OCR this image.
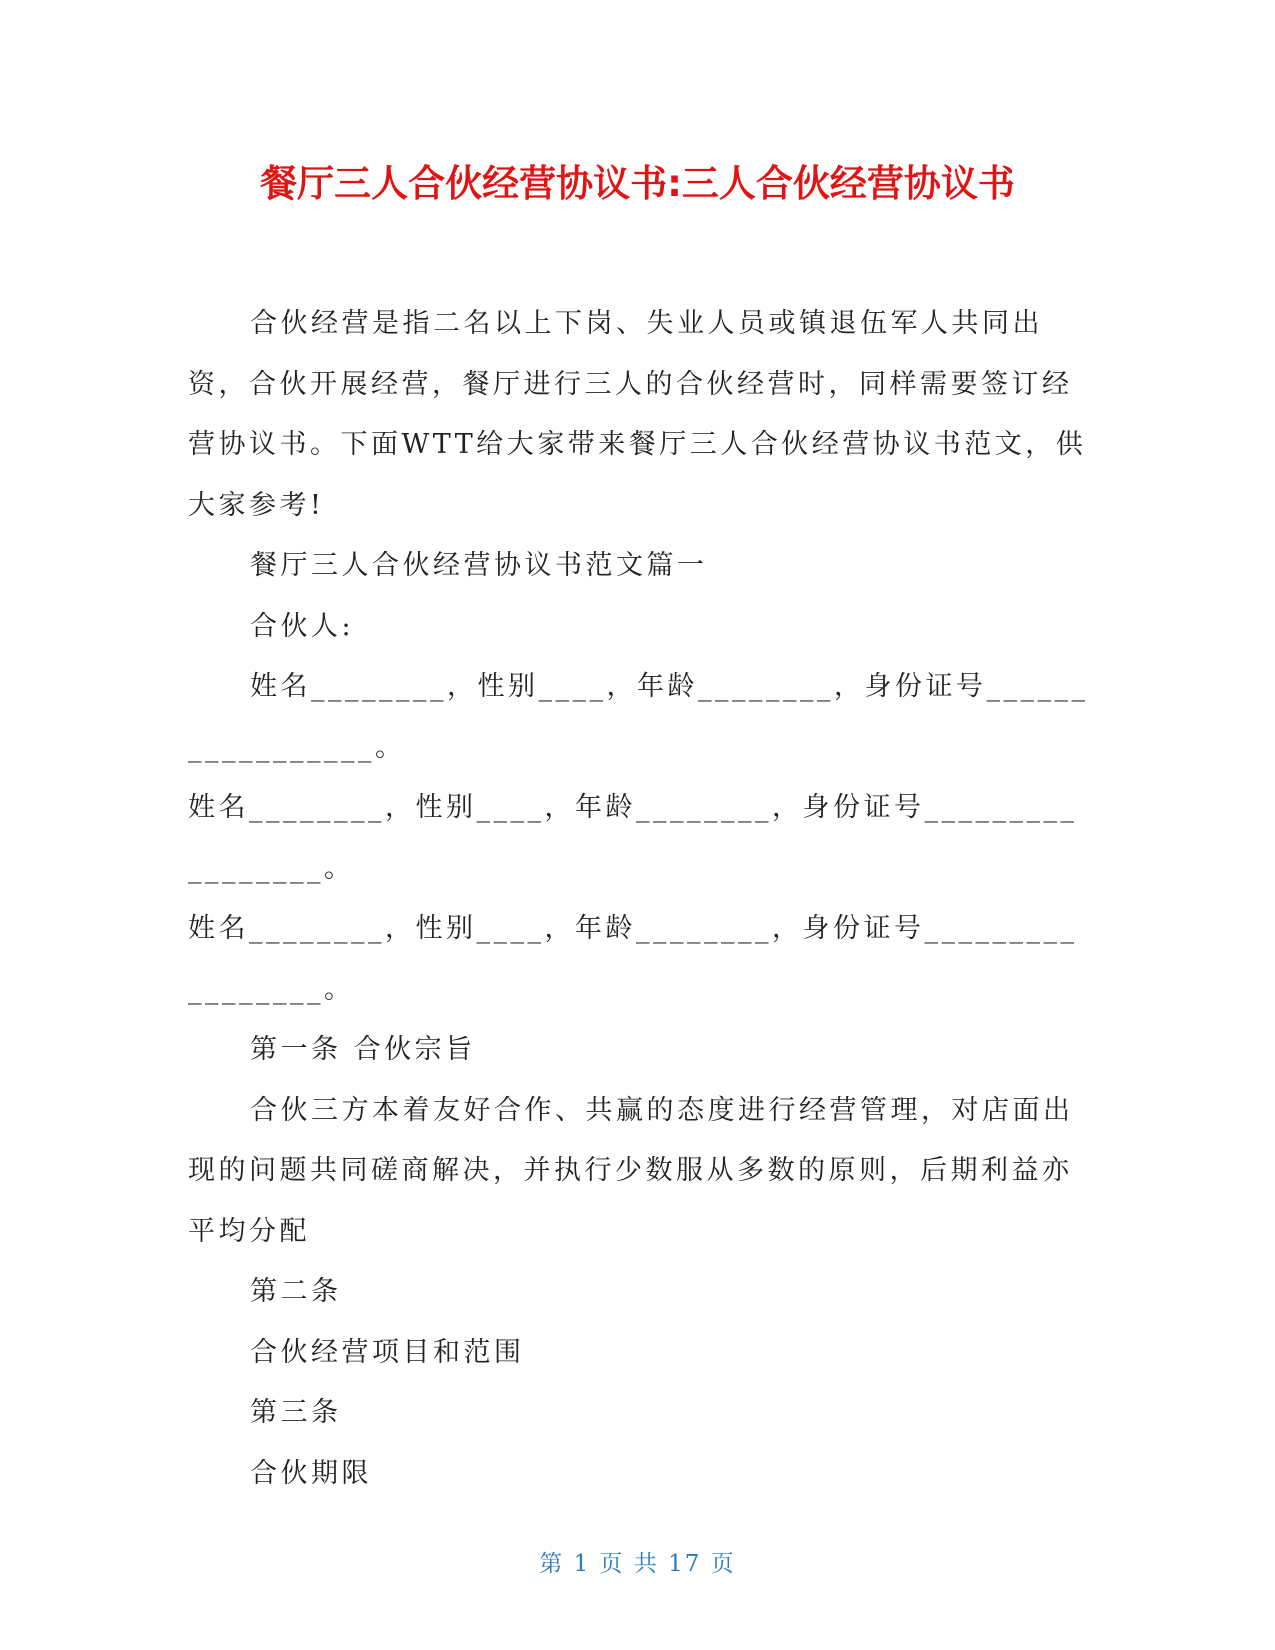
餐厅三人合伙经营协议书:三人合伙经营协议书

合伙经营是指二名以上下岗、失业人员或镇退伍军人共同出资，合伙开展经营，餐厅进行三人的合伙经营时，同样需要签订经营协议书。下面WTT给大家带来餐厅三人合伙经营协议书范文，供大家参考!

餐厅三人合伙经营协议书范文篇一

合伙人:

姓名________，性别____，年龄________，身份证号_________________。

姓名________，性别____，年龄________，身份证号_________________。

姓名________，性别____，年龄________，身份证号_________________。

第一条 合伙宗旨

合伙三方本着友好合作、共赢的态度进行经营管理，对店面出现的问题共同磋商解决，并执行少数服从多数的原则，后期利益亦平均分配

第二条

合伙经营项目和范围

第三条

合伙期限

第 1 页 共 17 页
